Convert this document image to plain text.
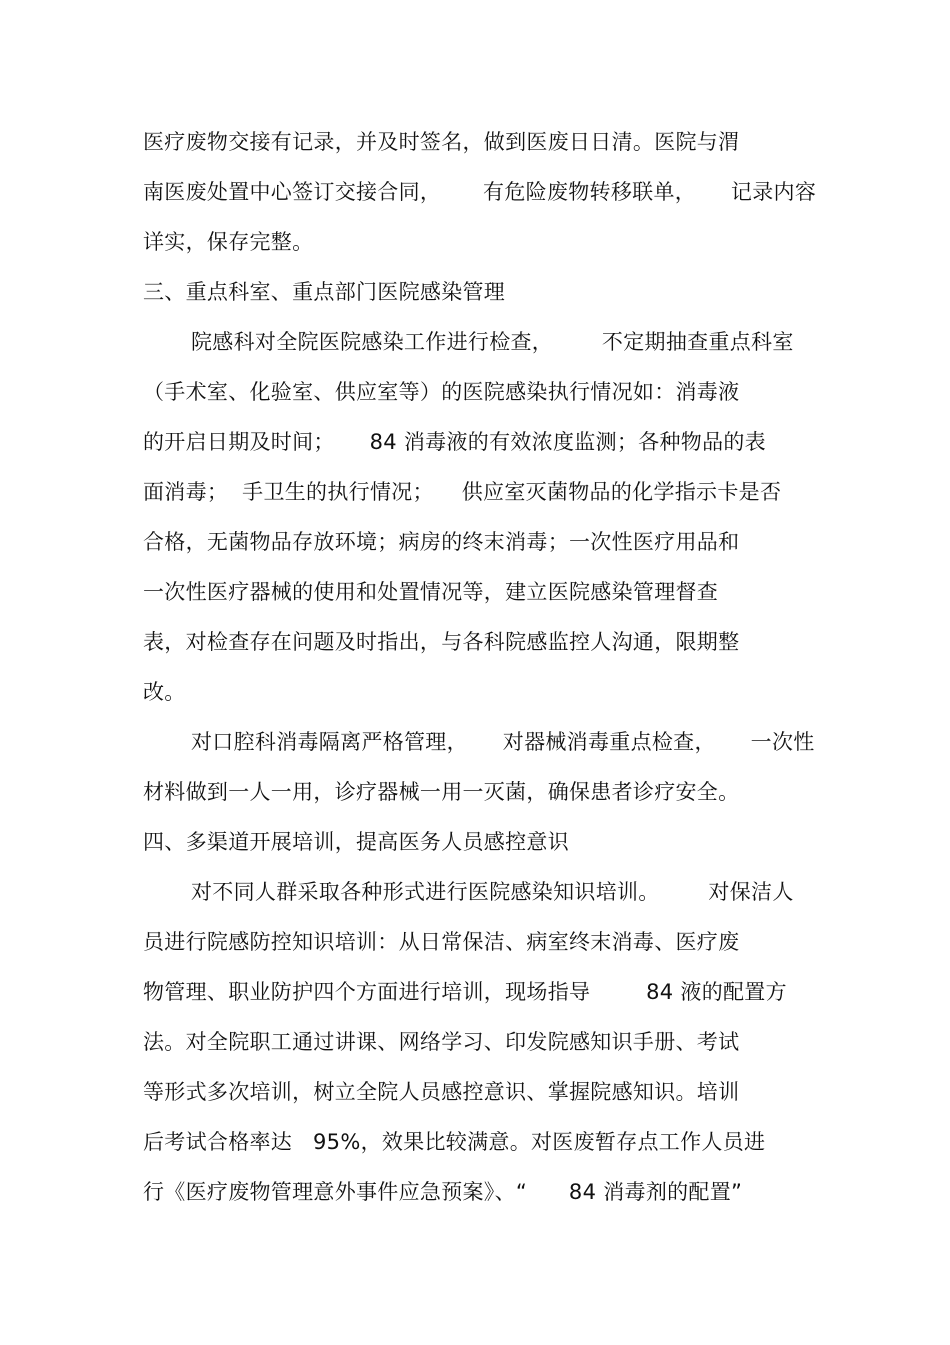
医疗废物交接有记录，并及时签名，做到医废日日清。医院与渭
南医废处置中心签订交接合同，      有危险废物转移联单，     记录内容
详实，保存完整。
三、重点科室、重点部门医院感染管理
院感科对全院医院感染工作进行检查，       不定期抽查重点科室
（手术室、化验室、供应室等）的医院感染执行情况如：消毒液
的开启日期及时间；     84 消毒液的有效浓度监测；各种物品的表
面消毒；  手卫生的执行情况；    供应室灭菌物品的化学指示卡是否
合格，无菌物品存放环境；病房的终末消毒；一次性医疗用品和
一次性医疗器械的使用和处置情况等，建立医院感染管理督查
表，对检查存在问题及时指出，与各科院感监控人沟通，限期整
改。
对口腔科消毒隔离严格管理，     对器械消毒重点检查，     一次性
材料做到一人一用，诊疗器械一用一灭菌，确保患者诊疗安全。
四、多渠道开展培训，提高医务人员感控意识
对不同人群采取各种形式进行医院感染知识培训。       对保洁人
员进行院感防控知识培训：从日常保洁、病室终末消毒、医疗废
物管理、职业防护四个方面进行培训，现场指导        84 液的配置方
法。对全院职工通过讲课、网络学习、印发院感知识手册、考试
等形式多次培训，树立全院人员感控意识、掌握院感知识。培训
后考试合格率达   95%，效果比较满意。对医废暂存点工作人员进
行《医疗废物管理意外事件应急预案》、“      84 消毒剂的配置”
